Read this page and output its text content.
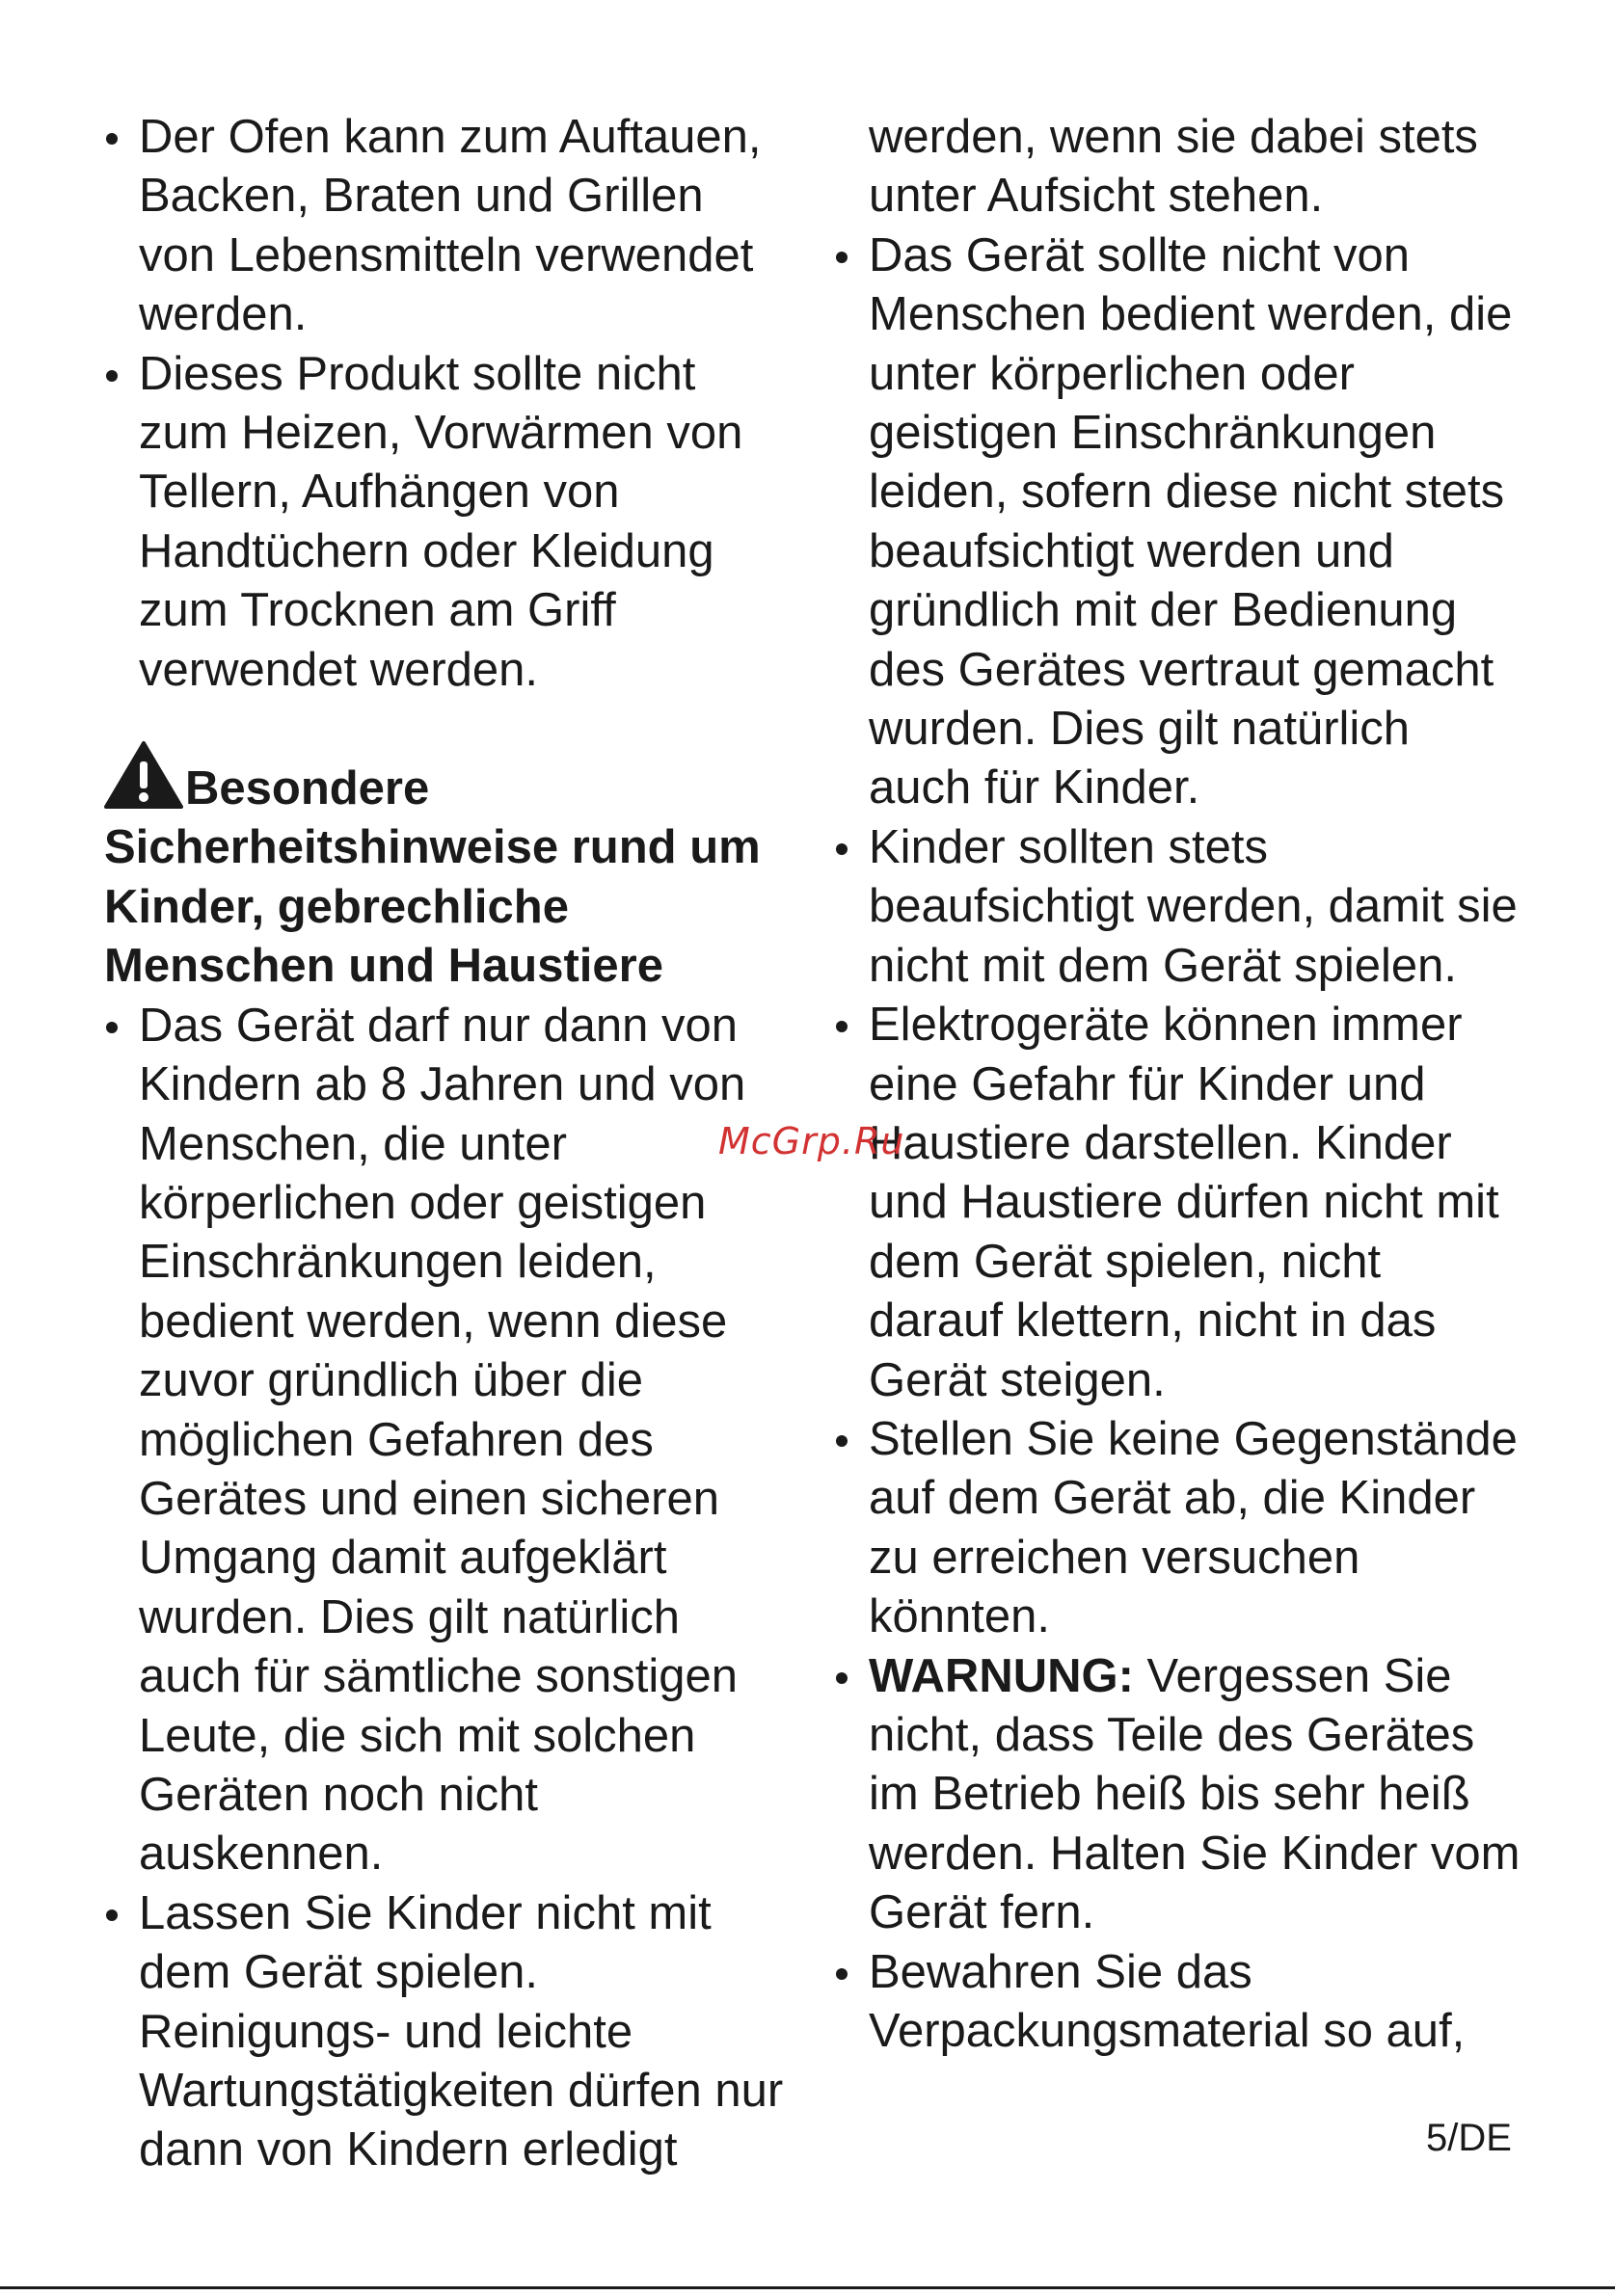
Der Ofen kann zum Auftauen, Backen, Braten und Grillen von Lebensmitteln verwendet werden.
Dieses Produkt sollte nicht zum Heizen, Vorwärmen von Tellern, Aufhängen von Handtüchern oder Kleidung zum Trocknen am Griff verwendet werden.
Besondere
Sicherheitshinweise rund um Kinder, gebrechliche Menschen und Haustiere
Das Gerät darf nur dann von Kindern ab 8 Jahren und von Menschen, die unter körperlichen oder geistigen Einschränkungen leiden, bedient werden, wenn diese zuvor gründlich über die möglichen Gefahren des Gerätes und einen sicheren Umgang damit aufgeklärt wurden. Dies gilt natürlich auch für sämtliche sonstigen Leute, die sich mit solchen Geräten noch nicht auskennen.
Lassen Sie Kinder nicht mit dem Gerät spielen. Reinigungs- und leichte Wartungstätigkeiten dürfen nur dann von Kindern erledigt

werden, wenn sie dabei stets unter Aufsicht stehen.

Das Gerät sollte nicht von Menschen bedient werden, die unter körperlichen oder geistigen Einschränkungen leiden, sofern diese nicht stets beaufsichtigt werden und gründlich mit der Bedienung des Gerätes vertraut gemacht wurden. Dies gilt natürlich auch für Kinder.
Kinder sollten stets beaufsichtigt werden, damit sie nicht mit dem Gerät spielen.
Elektrogeräte können immer eine Gefahr für Kinder und Haustiere darstellen. Kinder und Haustiere dürfen nicht mit dem Gerät spielen, nicht darauf klettern, nicht in das Gerät steigen.
Stellen Sie keine Gegenstände auf dem Gerät ab, die Kinder zu erreichen versuchen könnten.
WARNUNG: Vergessen Sie nicht, dass Teile des Gerätes im Betrieb heiß bis sehr heiß werden. Halten Sie Kinder vom Gerät fern.
Bewahren Sie das Verpackungsmaterial so auf,
McGrp.Ru
5/DE
